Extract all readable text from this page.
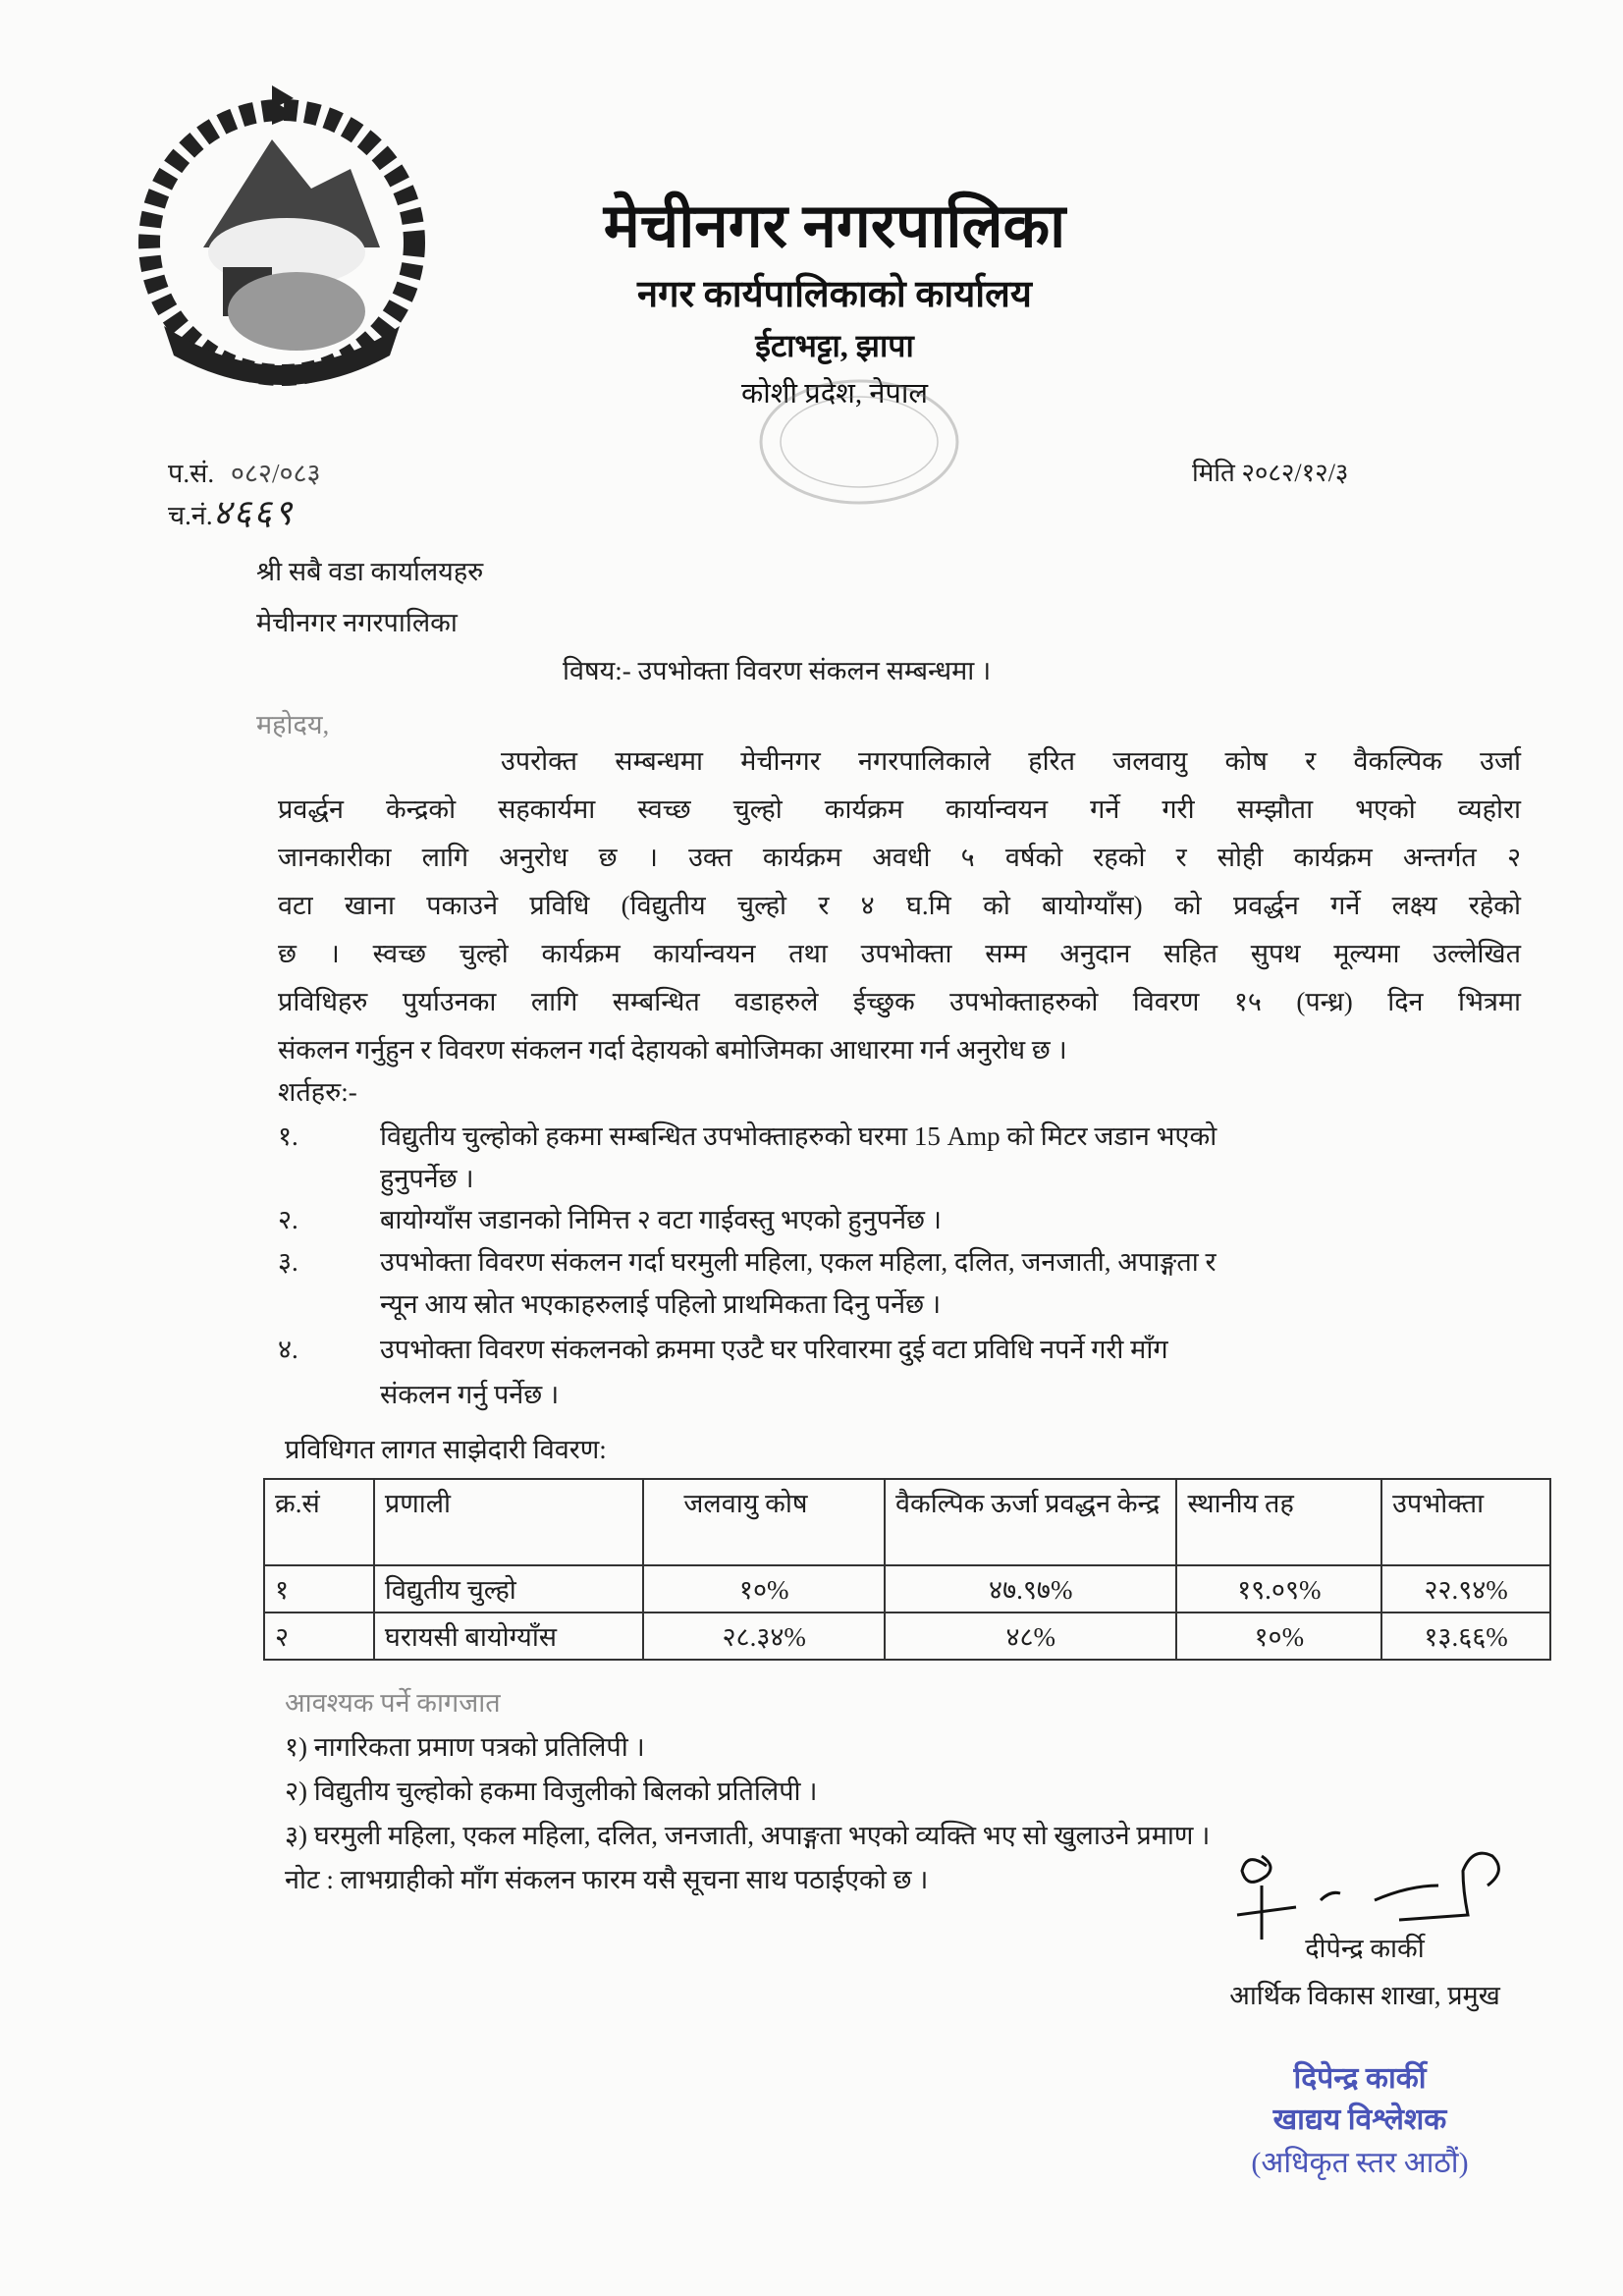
मेचीनगर नगरपालिका
नगर कार्यपालिकाको कार्यालय
ईटाभट्टा, झापा
कोशी प्रदेश, नेपाल
प.सं. ०८२/०८३
च.नं.४६६९
मिति २०८२/१२/३
श्री सबै वडा कार्यालयहरु
मेचीनगर नगरपालिका
विषय:- उपभोक्ता विवरण संकलन सम्बन्धमा ।
महोदय,
उपरोक्त सम्बन्धमा मेचीनगर नगरपालिकाले हरित जलवायु कोष र वैकल्पिक उर्जा
प्रवर्द्धन केन्द्रको सहकार्यमा स्वच्छ चुल्हो कार्यक्रम कार्यान्वयन गर्ने गरी सम्झौता भएको व्यहोरा
जानकारीका लागि अनुरोध छ । उक्त कार्यक्रम अवधी ५ वर्षको रहको र सोही कार्यक्रम अन्तर्गत २
वटा खाना पकाउने प्रविधि (विद्युतीय चुल्हो र ४ घ.मि को बायोग्याँस) को प्रवर्द्धन गर्ने लक्ष्य रहेको
छ । स्वच्छ चुल्हो कार्यक्रम कार्यान्वयन तथा उपभोक्ता सम्म अनुदान सहित सुपथ मूल्यमा उल्लेखित
प्रविधिहरु पुर्याउनका लागि सम्बन्धित वडाहरुले ईच्छुक उपभोक्ताहरुको विवरण १५ (पन्ध्र) दिन भित्रमा
संकलन गर्नुहुन र विवरण संकलन गर्दा देहायको बमोजिमका आधारमा गर्न अनुरोध छ ।
शर्तहरु:-
१.	विद्युतीय चुल्होको हकमा सम्बन्धित उपभोक्ताहरुको घरमा 15 Amp को मिटर जडान भएको
हुनुपर्नेछ ।
२.	बायोग्याँस जडानको निमित्त २ वटा गाईवस्तु भएको हुनुपर्नेछ ।
३.	उपभोक्ता विवरण संकलन गर्दा घरमुली महिला, एकल महिला, दलित, जनजाती, अपाङ्गता र
न्यून आय स्रोत भएकाहरुलाई पहिलो प्राथमिकता दिनु पर्नेछ ।
४.	उपभोक्ता विवरण संकलनको क्रममा एउटै घर परिवारमा दुई वटा प्रविधि नपर्ने गरी माँग
संकलन गर्नु पर्नेछ ।
प्रविधिगत लागत साझेदारी विवरण:
क्र.सं	प्रणाली	जलवायु कोष	वैकल्पिक ऊर्जा प्रवद्धन केन्द्र	स्थानीय तह	उपभोक्ता
१	विद्युतीय चुल्हो	१०%	४७.९७%	१९.०९%	२२.९४%
२	घरायसी बायोग्याँस	२८.३४%	४८%	१०%	१३.६६%
आवश्यक पर्ने कागजात
१) नागरिकता प्रमाण पत्रको प्रतिलिपी ।
२) विद्युतीय चुल्होको हकमा विजुलीको बिलको प्रतिलिपी ।
३) घरमुली महिला, एकल महिला, दलित, जनजाती, अपाङ्गता भएको व्यक्ति भए सो खुलाउने प्रमाण ।
नोट : लाभग्राहीको माँग संकलन फारम यसै सूचना साथ पठाईएको छ ।
दीपेन्द्र कार्की
आर्थिक विकास शाखा, प्रमुख
दिपेन्द्र कार्की
खाद्यय विश्लेशक
(अधिकृत स्तर आठौं)
